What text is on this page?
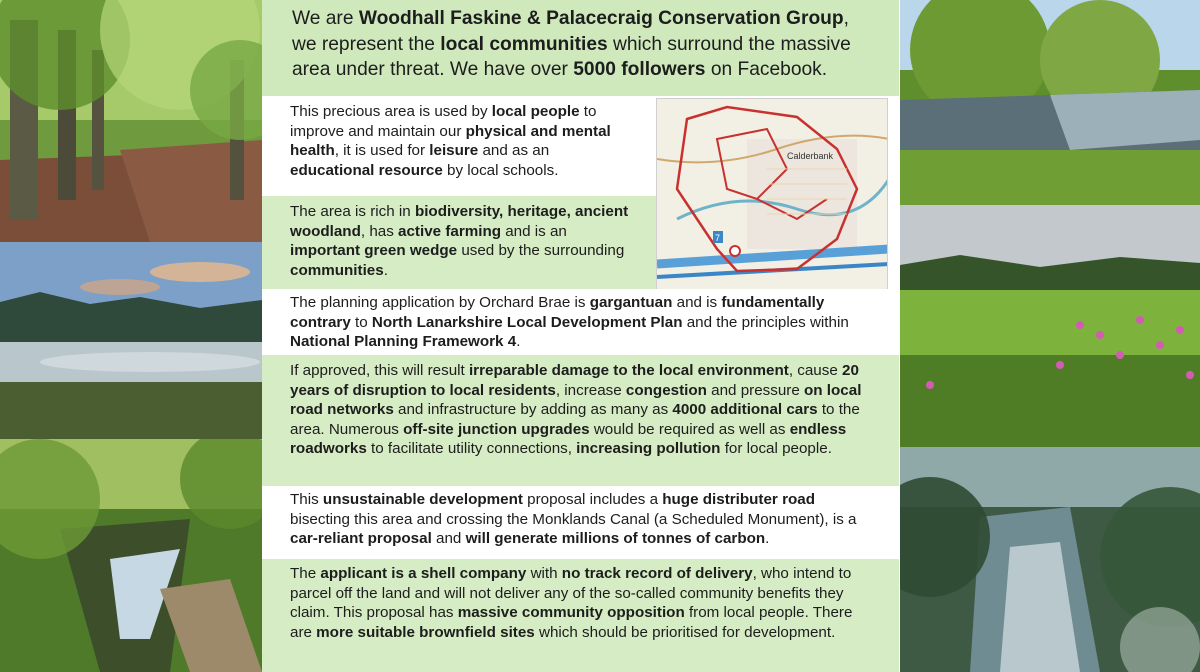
We are Woodhall Faskine & Palacecraig Conservation Group, we represent the local communities which surround the massive area under threat. We have over 5000 followers on Facebook.
This precious area is used by local people to improve and maintain our physical and mental health, it is used for leisure and as an educational resource by local schools.
The area is rich in biodiversity, heritage, ancient woodland, has active farming and is an important green wedge used by the surrounding communities.
7
Calderbank
The planning application by Orchard Brae is gargantuan and is fundamentally contrary to North Lanarkshire Local Development Plan and the principles within National Planning Framework 4.
If approved, this will result irreparable damage to the local environment, cause 20 years of disruption to local residents, increase congestion and pressure on local road networks and infrastructure by adding as many as 4000 additional cars to the area. Numerous off-site junction upgrades would be required as well as endless roadworks to facilitate utility connections, increasing pollution for local people.
This unsustainable development proposal includes a huge distributer road bisecting this area and crossing the Monklands Canal (a Scheduled Monument), is a car-reliant proposal and will generate millions of tonnes of carbon.
The applicant is a shell company with no track record of delivery, who intend to parcel off the land and will not deliver any of the so-called community benefits they claim. This proposal has massive community opposition from local people. There are more suitable brownfield sites which should be prioritised for development.
